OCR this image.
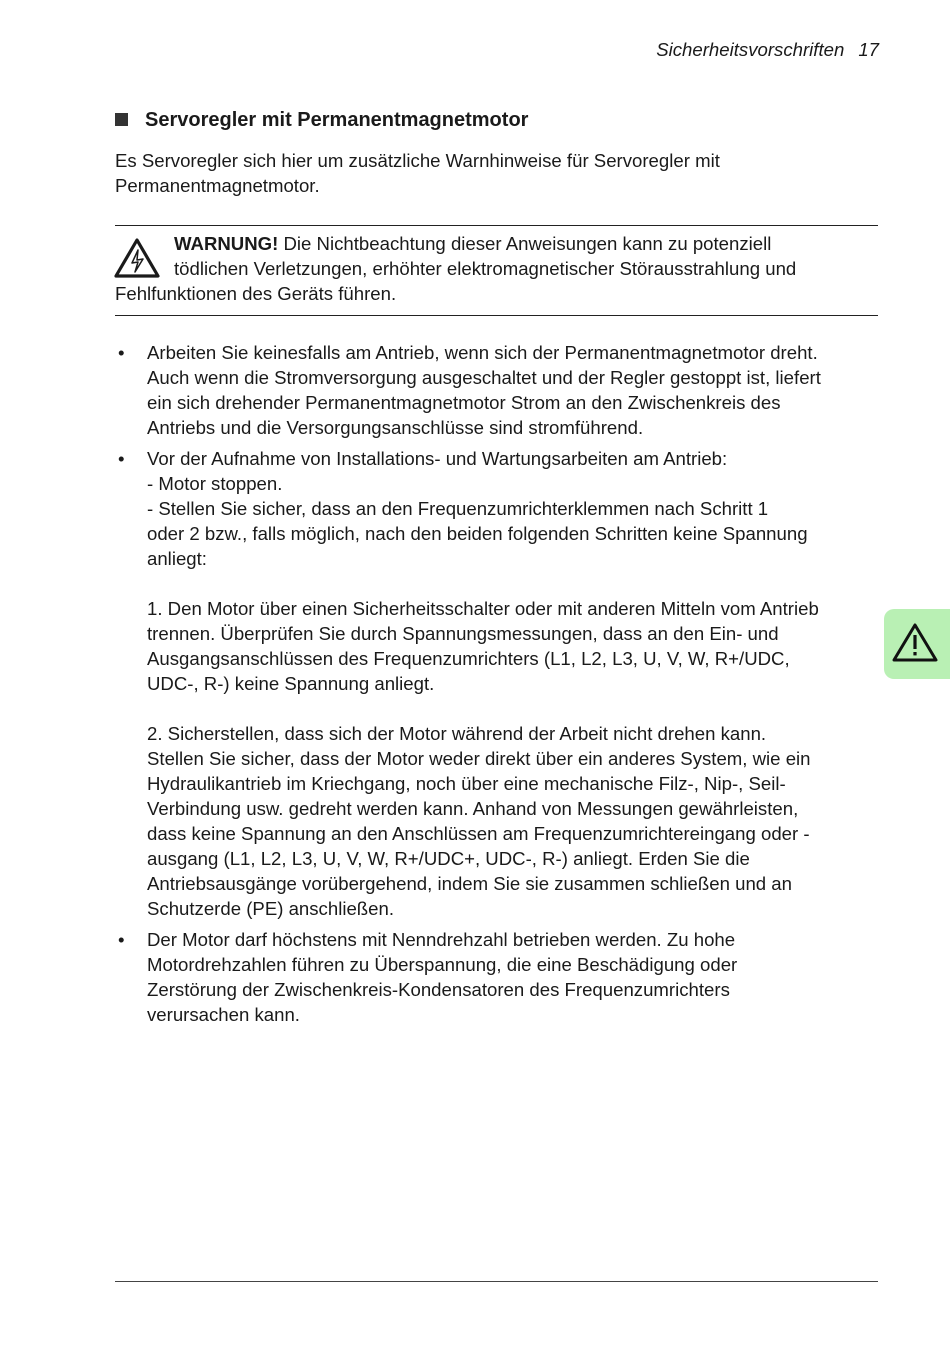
Sicherheitsvorschriften 17
Servoregler mit Permanentmagnetmotor
Es Servoregler sich hier um zusätzliche Warnhinweise für Servoregler mit
Permanentmagnetmotor.
WARNUNG! Die Nichtbeachtung dieser Anweisungen kann zu potenziell
tödlichen Verletzungen, erhöhter elektromagnetischer Störausstrahlung und
Fehlfunktionen des Geräts führen.
• Arbeiten Sie keinesfalls am Antrieb, wenn sich der Permanentmagnetmotor dreht.
Auch wenn die Stromversorgung ausgeschaltet und der Regler gestoppt ist, liefert
ein sich drehender Permanentmagnetmotor Strom an den Zwischenkreis des
Antriebs und die Versorgungsanschlüsse sind stromführend.
• Vor der Aufnahme von Installations- und Wartungsarbeiten am Antrieb:
- Motor stoppen.
- Stellen Sie sicher, dass an den Frequenzumrichterklemmen nach Schritt 1
oder 2 bzw., falls möglich, nach den beiden folgenden Schritten keine Spannung
anliegt:
1. Den Motor über einen Sicherheitsschalter oder mit anderen Mitteln vom Antrieb
trennen. Überprüfen Sie durch Spannungsmessungen, dass an den Ein- und
Ausgangsanschlüssen des Frequenzumrichters (L1, L2, L3, U, V, W, R+/UDC,
UDC-, R-) keine Spannung anliegt.
2. Sicherstellen, dass sich der Motor während der Arbeit nicht drehen kann.
Stellen Sie sicher, dass der Motor weder direkt über ein anderes System, wie ein
Hydraulikantrieb im Kriechgang, noch über eine mechanische Filz-, Nip-, Seil-
Verbindung usw. gedreht werden kann. Anhand von Messungen gewährleisten,
dass keine Spannung an den Anschlüssen am Frequenzumrichtereingang oder -
ausgang (L1, L2, L3, U, V, W, R+/UDC+, UDC-, R-) anliegt. Erden Sie die
Antriebsausgänge vorübergehend, indem Sie sie zusammen schließen und an
Schutzerde (PE) anschließen.
• Der Motor darf höchstens mit Nenndrehzahl betrieben werden. Zu hohe
Motordrehzahlen führen zu Überspannung, die eine Beschädigung oder
Zerstörung der Zwischenkreis-Kondensatoren des Frequenzumrichters
verursachen kann.
